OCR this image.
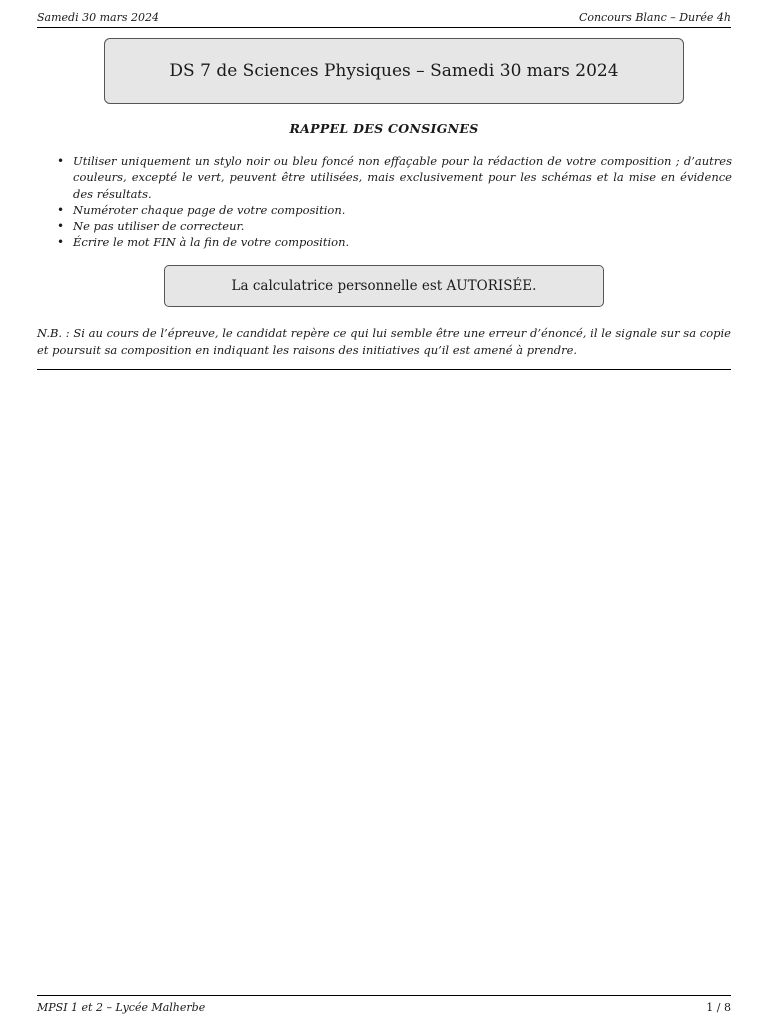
Samedi 30 mars 2024	Concours Blanc – Durée 4h
DS 7 de Sciences Physiques – Samedi 30 mars 2024
RAPPEL DES CONSIGNES
• Utiliser uniquement un stylo noir ou bleu foncé non effaçable pour la rédaction de votre composition ; d’autres couleurs, excepté le vert, peuvent être utilisées, mais exclusivement pour les schémas et la mise en évidence des résultats.
• Numéroter chaque page de votre composition.
• Ne pas utiliser de correcteur.
• Écrire le mot FIN à la fin de votre composition.
La calculatrice personnelle est AUTORISÉE.
N.B. : Si au cours de l’épreuve, le candidat repère ce qui lui semble être une erreur d’énoncé, il le signale sur sa copie et poursuit sa composition en indiquant les raisons des initiatives qu’il est amené à prendre.
MPSI 1 et 2 – Lycée Malherbe	1 / 8
